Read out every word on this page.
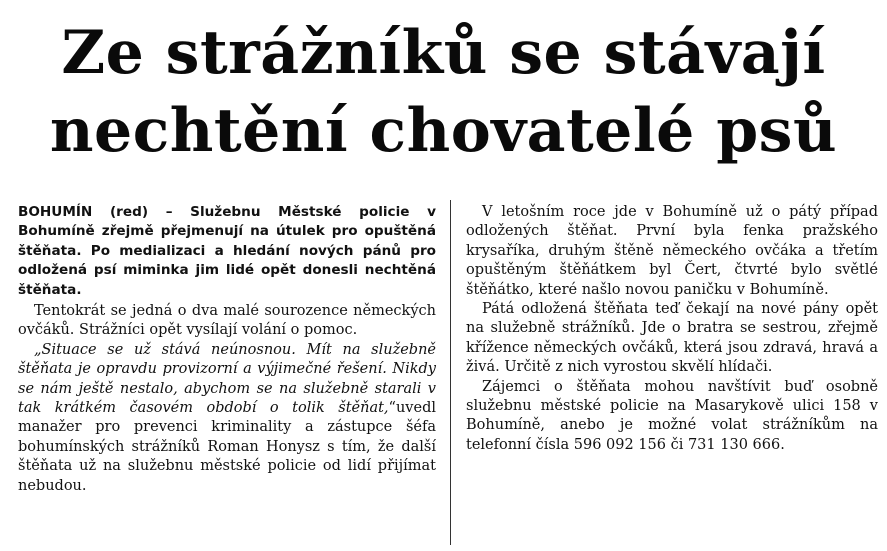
Ze strážníků se stávají
nechtění chovatelé psů

BOHUMÍN (red) – Služebnu Městské policie v Bohumíně zřejmě přejmenují na útulek pro opuštěná štěňata. Po medializaci a hledání nových pánů pro odložená psí miminka jim lidé opět donesli nechtěná štěňata.

Tentokrát se jedná o dva malé sourozence německých ovčáků. Strážníci opět vysílají volání o pomoc.

„Situace se už stává neúnosnou. Mít na služebně štěňata je opravdu provizorní a výjimečné řešení. Nikdy se nám ještě nestalo, abychom se na služebně starali v tak krátkém časovém období o tolik štěňat,“uvedl manažer pro prevenci kriminality a zástupce šéfa bohumínských strážníků Roman Honysz s tím, že další štěňata už na služebnu městské policie od lidí přijímat nebudou.

V letošním roce jde v Bohumíně už o pátý případ odložených štěňat. První byla fenka pražského krysaříka, druhým štěně německého ovčáka a třetím opuštěným štěňátkem byl Čert, čtvrté bylo světlé štěňátko, které našlo novou paničku v Bohumíně.

Pátá odložená štěňata teď čekají na nové pány opět na služebně strážníků. Jde o bratra se sestrou, zřejmě křížence německých ovčáků, která jsou zdravá, hravá a živá. Určitě z nich vyrostou skvělí hlídači.

Zájemci o štěňata mohou navštívit buď osobně služebnu městské policie na Masarykově ulici 158 v Bohumíně, anebo je možné volat strážníkům na telefonní čísla 596 092 156 či 731 130 666.
